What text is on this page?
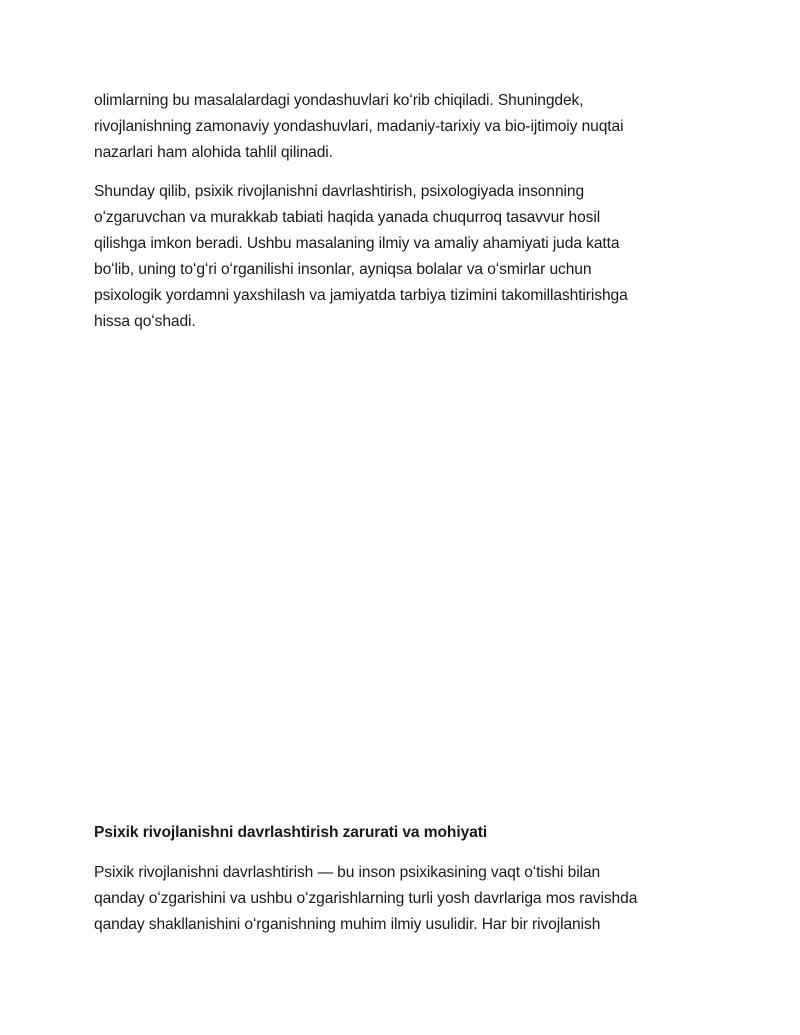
olimlarning bu masalalardagi yondashuvlari koʻrib chiqiladi. Shuningdek,
rivojlanishning zamonaviy yondashuvlari, madaniy-tarixiy va bio-ijtimoiy nuqtai
nazarlari ham alohida tahlil qilinadi.

Shunday qilib, psixik rivojlanishni davrlashtirish, psixologiyada insonning
oʻzgaruvchan va murakkab tabiati haqida yanada chuqurroq tasavvur hosil
qilishga imkon beradi. Ushbu masalaning ilmiy va amaliy ahamiyati juda katta
boʻlib, uning toʻgʻri oʻrganilishi insonlar, ayniqsa bolalar va oʻsmirlar uchun
psixologik yordamni yaxshilash va jamiyatda tarbiya tizimini takomillashtirishga
hissa qoʻshadi.

Psixik rivojlanishni davrlashtirish zarurati va mohiyati

Psixik rivojlanishni davrlashtirish — bu inson psixikasining vaqt oʻtishi bilan
qanday oʻzgarishini va ushbu oʻzgarishlarning turli yosh davrlariga mos ravishda
qanday shakllanishini oʻrganishning muhim ilmiy usulidir. Har bir rivojlanish
